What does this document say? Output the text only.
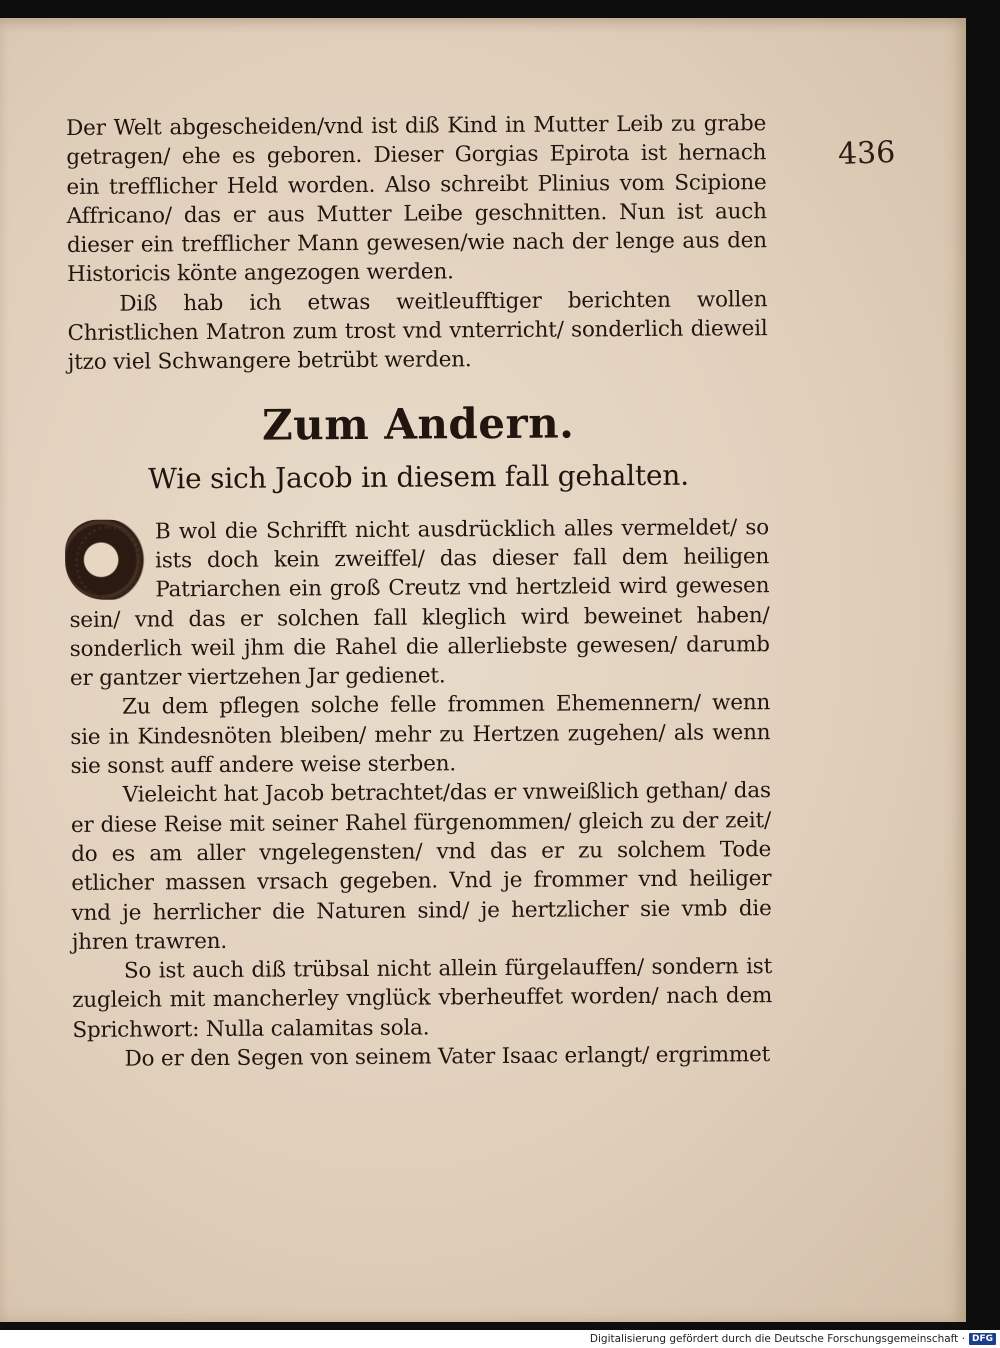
436

Der Welt abgescheiden/vnd ist diß Kind in Mutter Leib zu grabe getragen/ ehe es geboren. Dieser Gorgias Epirota ist hernach ein trefflicher Held worden. Also schreibt Plinius vom Scipione Affricano/ das er aus Mutter Leibe geschnitten. Nun ist auch dieser ein trefflicher Mann gewesen/wie nach der lenge aus den Historicis könte angezogen werden.

Diß hab ich etwas weitleufftiger berichten wollen Christlichen Matron zum trost vnd vnterricht/ sonderlich dieweil jtzo viel Schwangere betrübt werden.

Zum Andern.
Wie sich Jacob in diesem fall gehalten.

B wol die Schrifft nicht ausdrücklich alles vermeldet/ so ists doch kein zweiffel/ das dieser fall dem heiligen Patriarchen ein groß Creutz vnd hertzleid wird gewesen sein/ vnd das er solchen fall kleglich wird beweinet haben/ sonderlich weil jhm die Rahel die allerliebste gewesen/ darumb er gantzer viertzehen Jar gedienet.

Zu dem pflegen solche felle frommen Ehemennern/ wenn sie in Kindesnöten bleiben/ mehr zu Hertzen zugehen/ als wenn sie sonst auff andere weise sterben.

Vieleicht hat Jacob betrachtet/das er vnweißlich gethan/ das er diese Reise mit seiner Rahel fürgenommen/ gleich zu der zeit/ do es am aller vngelegensten/ vnd das er zu solchem Tode etlicher massen vrsach gegeben. Vnd je frommer vnd heiliger vnd je herrlicher die Naturen sind/ je hertzlicher sie vmb die jhren trawren.

So ist auch diß trübsal nicht allein fürgelauffen/ sondern ist zugleich mit mancherley vnglück vberheuffet worden/ nach dem Sprichwort: Nulla calamitas sola.

Do er den Segen von seinem Vater Isaac erlangt/ ergrimmet

Digitalisierung gefördert durch die Deutsche Forschungsgemeinschaft · DFG
